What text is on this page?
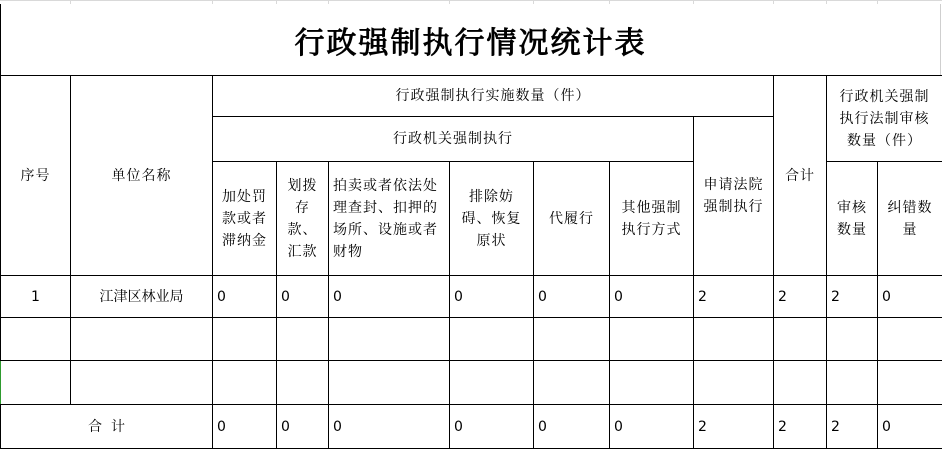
行政强制执行情况统计表
序号	单位名称	行政强制执行实施数量（件）							合计	行政机关强制执行法制审核数量（件）	

		行政机关强制执行						申请法院强制执行			

		加处罚款或者滞纳金	划拨存款、汇款	拍卖或者依法处理查封、扣押的场所、设施或者财物	排除妨碍、恢复原状	代履行	其他强制执行方式			审核数量	纠错数量

1	江津区林业局	0	0	0	0	0	0	2	2	2	0

合  计		0	0	0	0	0	0	2	2	2	0
